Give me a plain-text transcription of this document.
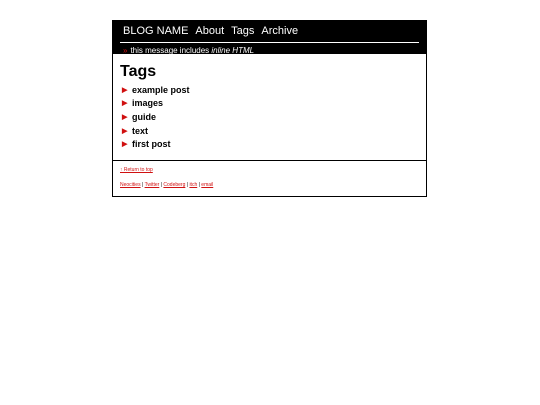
BLOG NAME About Tags Archive
» this message includes inline HTML
Tags
▶ example post
▶ images
▶ guide
▶ text
▶ first post
↑ Return to top
Neocities | Twitter | Codeberg | itch | email
